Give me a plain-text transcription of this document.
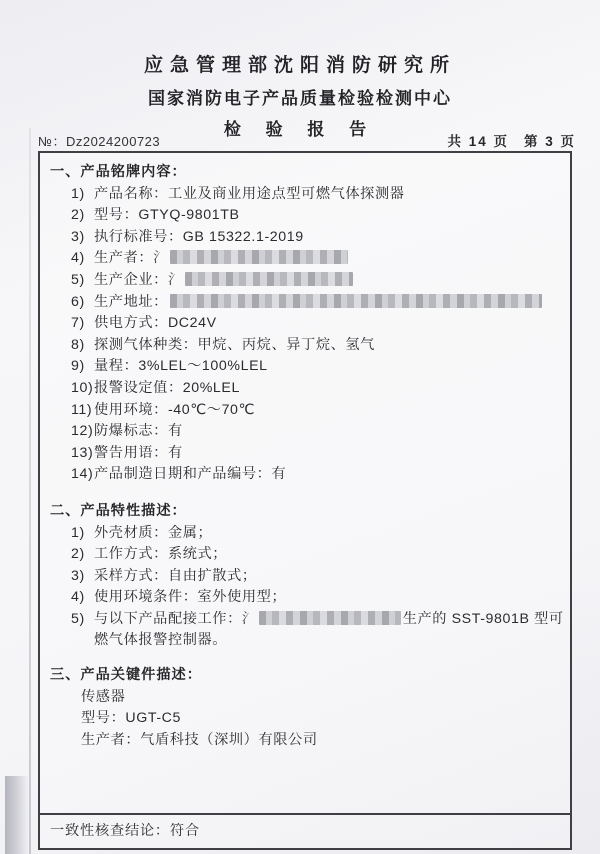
应急管理部沈阳消防研究所
国家消防电子产品质量检验检测中心
检 验 报 告
№：Dz2024200723	共 14 页 第 3 页
一、产品铭牌内容：
1) 产品名称：工业及商业用途点型可燃气体探测器
2) 型号：GTYQ-9801TB
3) 执行标准号：GB 15322.1-2019
4) 生产者：氵
5) 生产企业：氵
6) 生产地址：
7) 供电方式：DC24V
8) 探测气体种类：甲烷、丙烷、异丁烷、氢气
9) 量程：3%LEL～100%LEL
10) 报警设定值：20%LEL
11) 使用环境：-40℃～70℃
12) 防爆标志：有
13) 警告用语：有
14) 产品制造日期和产品编号：有
二、产品特性描述：
1) 外壳材质：金属；
2) 工作方式：系统式；
3) 采样方式：自由扩散式；
4) 使用环境条件：室外使用型；
5) 与以下产品配接工作：氵	生产的 SST-9801B 型可
燃气体报警控制器。
三、产品关键件描述：
传感器
型号：UGT-C5
生产者：气盾科技（深圳）有限公司
一致性核查结论： 符合
